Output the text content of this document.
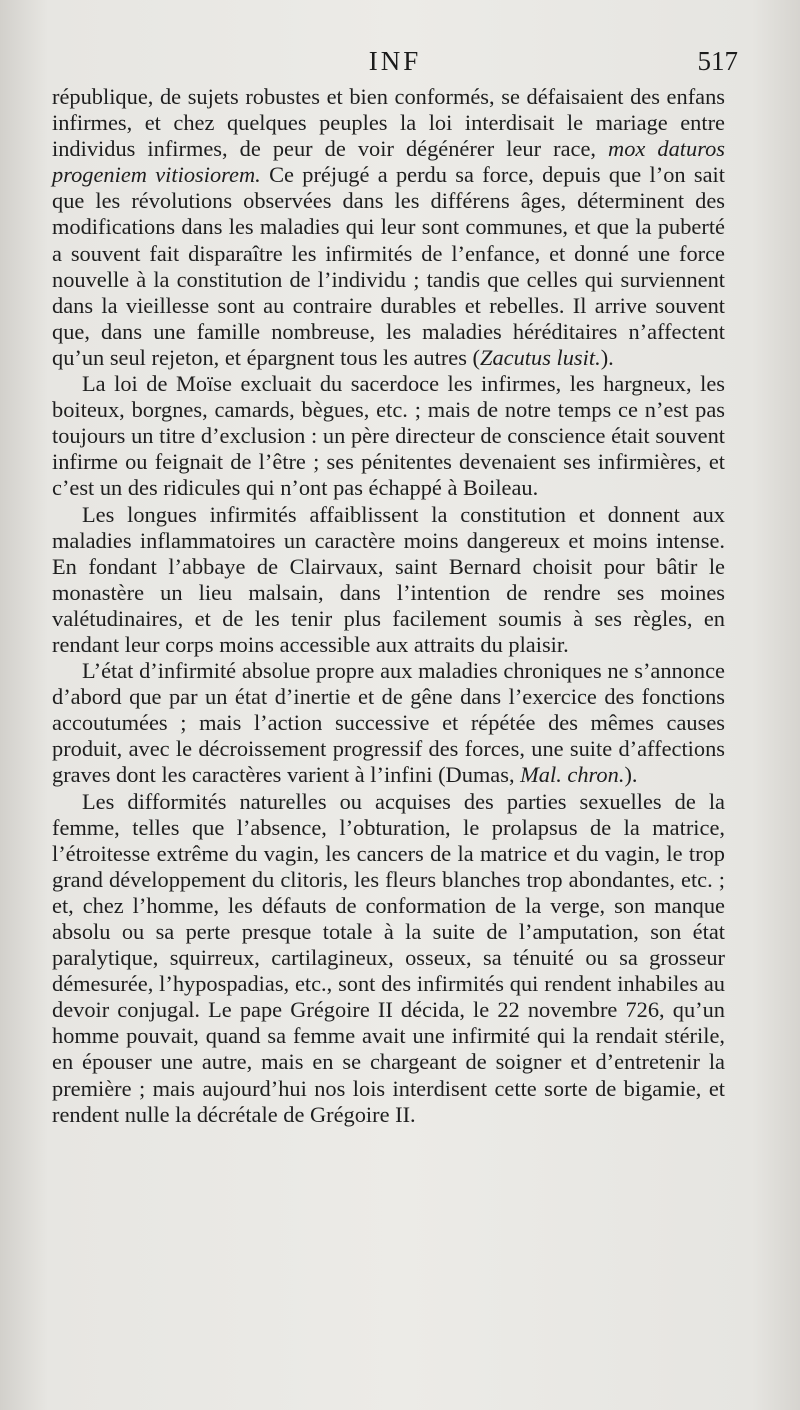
INF	517

république, de sujets robustes et bien conformés, se défaisaient des enfans infirmes, et chez quelques peuples la loi interdisait le mariage entre individus infirmes, de peur de voir dégénérer leur race, mox daturos progeniem vitiosiorem. Ce préjugé a perdu sa force, depuis que l’on sait que les révolutions observées dans les différens âges, déterminent des modifications dans les maladies qui leur sont communes, et que la puberté a souvent fait disparaître les infirmités de l’enfance, et donné une force nouvelle à la constitution de l’individu ; tandis que celles qui surviennent dans la vieillesse sont au contraire durables et rebelles. Il arrive souvent que, dans une famille nombreuse, les maladies héréditaires n’affectent qu’un seul rejeton, et épargnent tous les autres (Zacutus lusit.).

La loi de Moïse excluait du sacerdoce les infirmes, les hargneux, les boiteux, borgnes, camards, bègues, etc. ; mais de notre temps ce n’est pas toujours un titre d’exclusion : un père directeur de conscience était souvent infirme ou feignait de l’être ; ses pénitentes devenaient ses infirmières, et c’est un des ridicules qui n’ont pas échappé à Boileau.

Les longues infirmités affaiblissent la constitution et donnent aux maladies inflammatoires un caractère moins dangereux et moins intense. En fondant l’abbaye de Clairvaux, saint Bernard choisit pour bâtir le monastère un lieu malsain, dans l’intention de rendre ses moines valétudinaires, et de les tenir plus facilement soumis à ses règles, en rendant leur corps moins accessible aux attraits du plaisir.

L’état d’infirmité absolue propre aux maladies chroniques ne s’annonce d’abord que par un état d’inertie et de gêne dans l’exercice des fonctions accoutumées ; mais l’action successive et répétée des mêmes causes produit, avec le décroissement progressif des forces, une suite d’affections graves dont les caractères varient à l’infini (Dumas, Mal. chron.).

Les difformités naturelles ou acquises des parties sexuelles de la femme, telles que l’absence, l’obturation, le prolapsus de la matrice, l’étroitesse extrême du vagin, les cancers de la matrice et du vagin, le trop grand développement du clitoris, les fleurs blanches trop abondantes, etc. ; et, chez l’homme, les défauts de conformation de la verge, son manque absolu ou sa perte presque totale à la suite de l’amputation, son état paralytique, squirreux, cartilagineux, osseux, sa ténuité ou sa grosseur démesurée, l’hypospadias, etc., sont des infirmités qui rendent inhabiles au devoir conjugal. Le pape Grégoire II décida, le 22 novembre 726, qu’un homme pouvait, quand sa femme avait une infirmité qui la rendait stérile, en épouser une autre, mais en se chargeant de soigner et d’entretenir la première ; mais aujourd’hui nos lois interdisent cette sorte de bigamie, et rendent nulle la décrétale de Grégoire II.
